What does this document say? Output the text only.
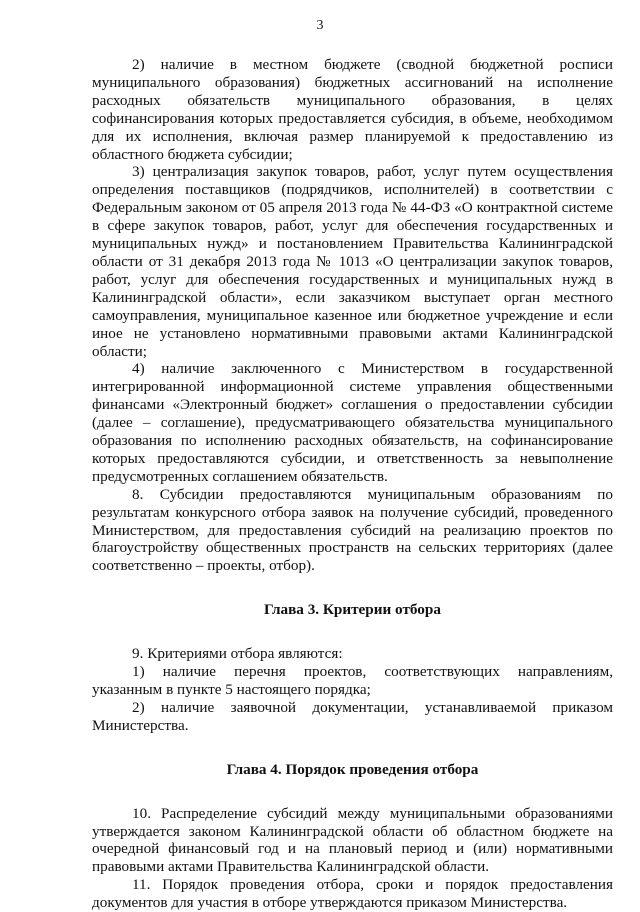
3

2) наличие в местном бюджете (сводной бюджетной росписи муниципального образования) бюджетных ассигнований на исполнение расходных обязательств муниципального образования, в целях софинансирования которых предоставляется субсидия, в объеме, необходимом для их исполнения, включая размер планируемой к предоставлению из областного бюджета субсидии;

3) централизация закупок товаров, работ, услуг путем осуществления определения поставщиков (подрядчиков, исполнителей) в соответствии с Федеральным законом от 05 апреля 2013 года № 44-ФЗ «О контрактной системе в сфере закупок товаров, работ, услуг для обеспечения государственных и муниципальных нужд» и постановлением Правительства Калининградской области от 31 декабря 2013 года № 1013 «О централизации закупок товаров, работ, услуг для обеспечения государственных и муниципальных нужд в Калининградской области», если заказчиком выступает орган местного самоуправления, муниципальное казенное или бюджетное учреждение и если иное не установлено нормативными правовыми актами Калининградской области;

4) наличие заключенного с Министерством в государственной интегрированной информационной системе управления общественными финансами «Электронный бюджет» соглашения о предоставлении субсидии (далее – соглашение), предусматривающего обязательства муниципального образования по исполнению расходных обязательств, на софинансирование которых предоставляются субсидии, и ответственность за невыполнение предусмотренных соглашением обязательств.

8. Субсидии предоставляются муниципальным образованиям по результатам конкурсного отбора заявок на получение субсидий, проведенного Министерством, для предоставления субсидий на реализацию проектов по благоустройству общественных пространств на сельских территориях (далее соответственно – проекты, отбор).

Глава 3. Критерии отбора

9. Критериями отбора являются:

1) наличие перечня проектов, соответствующих направлениям, указанным в пункте 5 настоящего порядка;

2) наличие заявочной документации, устанавливаемой приказом Министерства.

Глава 4. Порядок проведения отбора

10. Распределение субсидий между муниципальными образованиями утверждается законом Калининградской области об областном бюджете на очередной финансовый год и на плановый период и (или) нормативными правовыми актами Правительства Калининградской области.

11. Порядок проведения отбора, сроки и порядок предоставления документов для участия в отборе утверждаются приказом Министерства.
